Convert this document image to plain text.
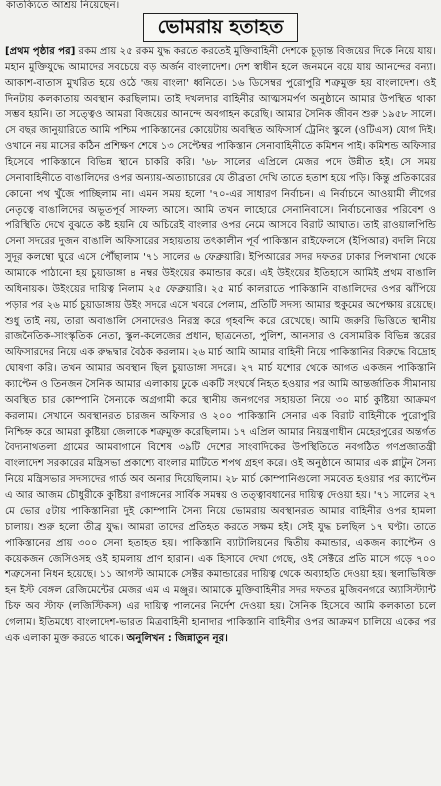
কাতক্যিতে আশ্রয় নিয়েছেন।
ভোমরায় হতাহত

[প্রথম পৃষ্ঠার পর] রকম প্রায় ২৫ রকম যুদ্ধ করতে করতেই মুক্তিবাহিনী দেশকে চূড়ান্ত বিজয়ের দিকে নিয়ে যায়। মহান মুক্তিযুদ্ধে আমাদের সবচেয়ে বড় অর্জন বাংলাদেশ। দেশ স্বাধীন হলে জনমনে বয়ে যায় আনন্দের বন্যা। আকাশ-বাতাস মুখরিত হয়ে ওঠে 'জয় বাংলা' ধ্বনিতে। ১৬ ডিসেম্বর পুরোপুরি শত্রুমুক্ত হয় বাংলাদেশ। ওই দিনটায় কলকাতায় অবস্থান করছিলাম। তাই দখলদার বাহিনীর আত্মসমর্পণ অনুষ্ঠানে আমার উপস্থিত থাকা সম্ভব হয়নি। তা সত্ত্বেও আমরা বিজয়ের আনন্দে অবগাহন করেছি। আমার সৈনিক জীবন শুরু ১৯৫৮ সালে। সে বছর জানুয়ারিতে আমি পশ্চিম পাকিস্তানের কোয়েটায় অবস্থিত অফিসার্স ট্রেনিং স্কুলে (ওটিএস) যোগ দিই। ওখানে নয় মাসের কঠিন প্রশিক্ষণ শেষে ১৩ সেপ্টেম্বর পাকিস্তান সেনাবাহিনীতে কমিশন পাই। কমিশন্ড অফিসার হিসেবে পাকিস্তানে বিভিন্ন স্থানে চাকরি করি। '৬৮ সালের এপ্রিলে মেজর পদে উন্নীত হই। সে সময় সেনাবাহিনীতে বাঙালিদের ওপর অন্যায়-অত্যাচারের যে তীব্রতা দেখি তাতে হতাশ হয়ে পড়ি। কিন্তু প্রতিকারের কোনো পথ খুঁজে পাচ্ছিলাম না। এমন সময় হলো '৭০-এর সাধারণ নির্বাচন। এ নির্বাচনে আওয়ামী লীগের নেতৃত্বে বাঙালিদের অভূতপূর্ব সাফল্য আসে। আমি তখন লাহোরে সেনানিবাসে। নির্বাচনোত্তর পরিবেশ ও পরিস্থিতি দেখে বুঝতে কষ্ট হয়নি যে অচিরেই বাংলার ওপর নেমে আসবে বিরাট আঘাত। তাই রাওয়ালপিন্ডি সেনা সদরের দুজন বাঙালি অফিসারের সহায়তায় তৎকালীন পূর্ব পাকিস্তান রাইফেলসে (ইপিআর) বদলি নিয়ে সুদূর কলম্বো ঘুরে এসে পৌঁছালাম '৭১ সালের ৬ ফেব্রুয়ারি। ইপিআরের সদর দফতর ঢাকার পিলখানা থেকে আমাকে পাঠানো হয় চুয়াডাঙ্গা ৪ নম্বর উইংয়ের কমান্ডার করে। এই উইংয়ের ইতিহাসে আমিই প্রথম বাঙালি অধিনায়ক। উইংয়ের দায়িত্ব নিলাম ২৫ ফেব্রুয়ারি। ২৫ মার্চ কালরাতে পাকিস্তানি বাঙালিদের ওপর ঝাঁপিয়ে পড়ার পর ২৬ মার্চ চুয়াডাঙ্গায় উইং সদরে এসে খবরে পেলাম, প্রতিটি সদস্য আমার হুকুমের অপেক্ষায় রয়েছে। শুধু তাই নয়, তারা অবাঙালি সেনাদেরও নিরস্ত্র করে গৃহবন্দি করে রেখেছে। আমি জরুরি ভিত্তিতে স্থানীয় রাজনৈতিক-সাংস্কৃতিক নেতা, স্কুল-কলেজের প্রধান, ছাত্রনেতা, পুলিশ, আনসার ও বেসামরিক বিভিন্ন স্তরের অফিসারদের নিয়ে এক রুদ্ধদ্বার বৈঠক করলাম। ২৬ মার্চ আমি আমার বাহিনী নিয়ে পাকিস্তানির বিরুদ্ধে বিদ্রোহ ঘোষণা করি। তখন আমার অবস্থান ছিল চুয়াডাঙ্গা সদরে। ২৭ মার্চ যশোর থেকে আগত একজন পাকিস্তানি ক্যাপ্টেন ও তিনজন সৈনিক আমার এলাকায় ঢুকে একটি সংঘর্ষে নিহত হওয়ার পর আমি আন্তর্জাতিক সীমানায় অবস্থিত চার কোম্পানি সৈন্যকে অগ্রগামী করে স্থানীয় জনগণের সহায়তা নিয়ে ৩০ মার্চ কুষ্টিয়া আক্রমণ করলাম। সেখানে অবস্থানরত চারজন অফিসার ও ২০০ পাকিস্তানি সেনার এক বিরাট বাহিনীকে পুরোপুরি নিশ্চিহ্ন করে আমরা কুষ্টিয়া জেলাকে শত্রুমুক্ত করেছিলাম। ১৭ এপ্রিল আমার নিয়ন্ত্রণাধীন মেহেরপুরের অন্তর্গত বৈদ্যনাথতলা গ্রামের আমবাগানে বিশেষ ৩৯টি দেশের সাংবাদিকের উপস্থিতিতে নবগঠিত গণপ্রজাতন্ত্রী বাংলাদেশ সরকারের মন্ত্রিসভা প্রকাশ্যে বাংলার মাটিতে শপথ গ্রহণ করে। ওই অনুষ্ঠানে আমার এক প্লাটুন সৈন্য নিয়ে মন্ত্রিসভার সদস্যদের গার্ড অব অনার দিয়েছিলাম। ২৮ মার্চ কোম্পানিগুলো সমবেত হওয়ার পর ক্যাপ্টেন এ আর আজম চৌধুরীকে কুষ্টিয়া রণাঙ্গনের সার্বিক সমন্বয় ও তত্ত্বাবধানের দায়িত্ব দেওয়া হয়। '৭১ সালের ২৭ মে ভোর ৫টায় পাকিস্তানিরা দুই কোম্পানি সৈন্য নিয়ে ভোমরায় অবস্থানরত আমার বাহিনীর ওপর হামলা চালায়। শুরু হলো তীব্র যুদ্ধ। আমরা তাদের প্রতিহত করতে সক্ষম হই। সেই যুদ্ধ চলছিল ১৭ ঘণ্টা। তাতে পাকিস্তানের প্রায় ৩০০ সেনা হতাহত হয়। পাকিস্তানি ব্যাটালিয়নের দ্বিতীয় কমান্ডার, একজন ক্যাপ্টেন ও কয়েকজন জেসিওসহ ওই হামলায় প্রাণ হারান। এক হিসাবে দেখা গেছে, ওই সেক্টরে প্রতি মাসে গড়ে ৭০০ শত্রুসেনা নিধন হয়েছে। ১১ আগস্ট আমাকে সেক্টর কমান্ডারের দায়িত্ব থেকে অব্যাহতি দেওয়া হয়। স্থলাভিষিক্ত হন ইস্ট বেঙ্গল রেজিমেন্টের মেজর এম এ মঞ্জুর। আমাকে মুক্তিবাহিনীর সদর দফতর মুজিবনগরে অ্যাসিস্ট্যান্ট চিফ অব স্টাফ (লজিস্টিকস) এর দায়িত্ব পালনের নির্দেশ দেওয়া হয়। সৈনিক হিসেবে আমি কলকাতা চলে গেলাম। ইতিমধ্যে বাংলাদেশ-ভারত মিত্রবাহিনী হানাদার পাকিস্তানি বাহিনীর ওপর আক্রমণ চালিয়ে একের পর এক এলাকা মুক্ত করতে থাকে। অনুলিখন : জিন্নাতুন নূর।
